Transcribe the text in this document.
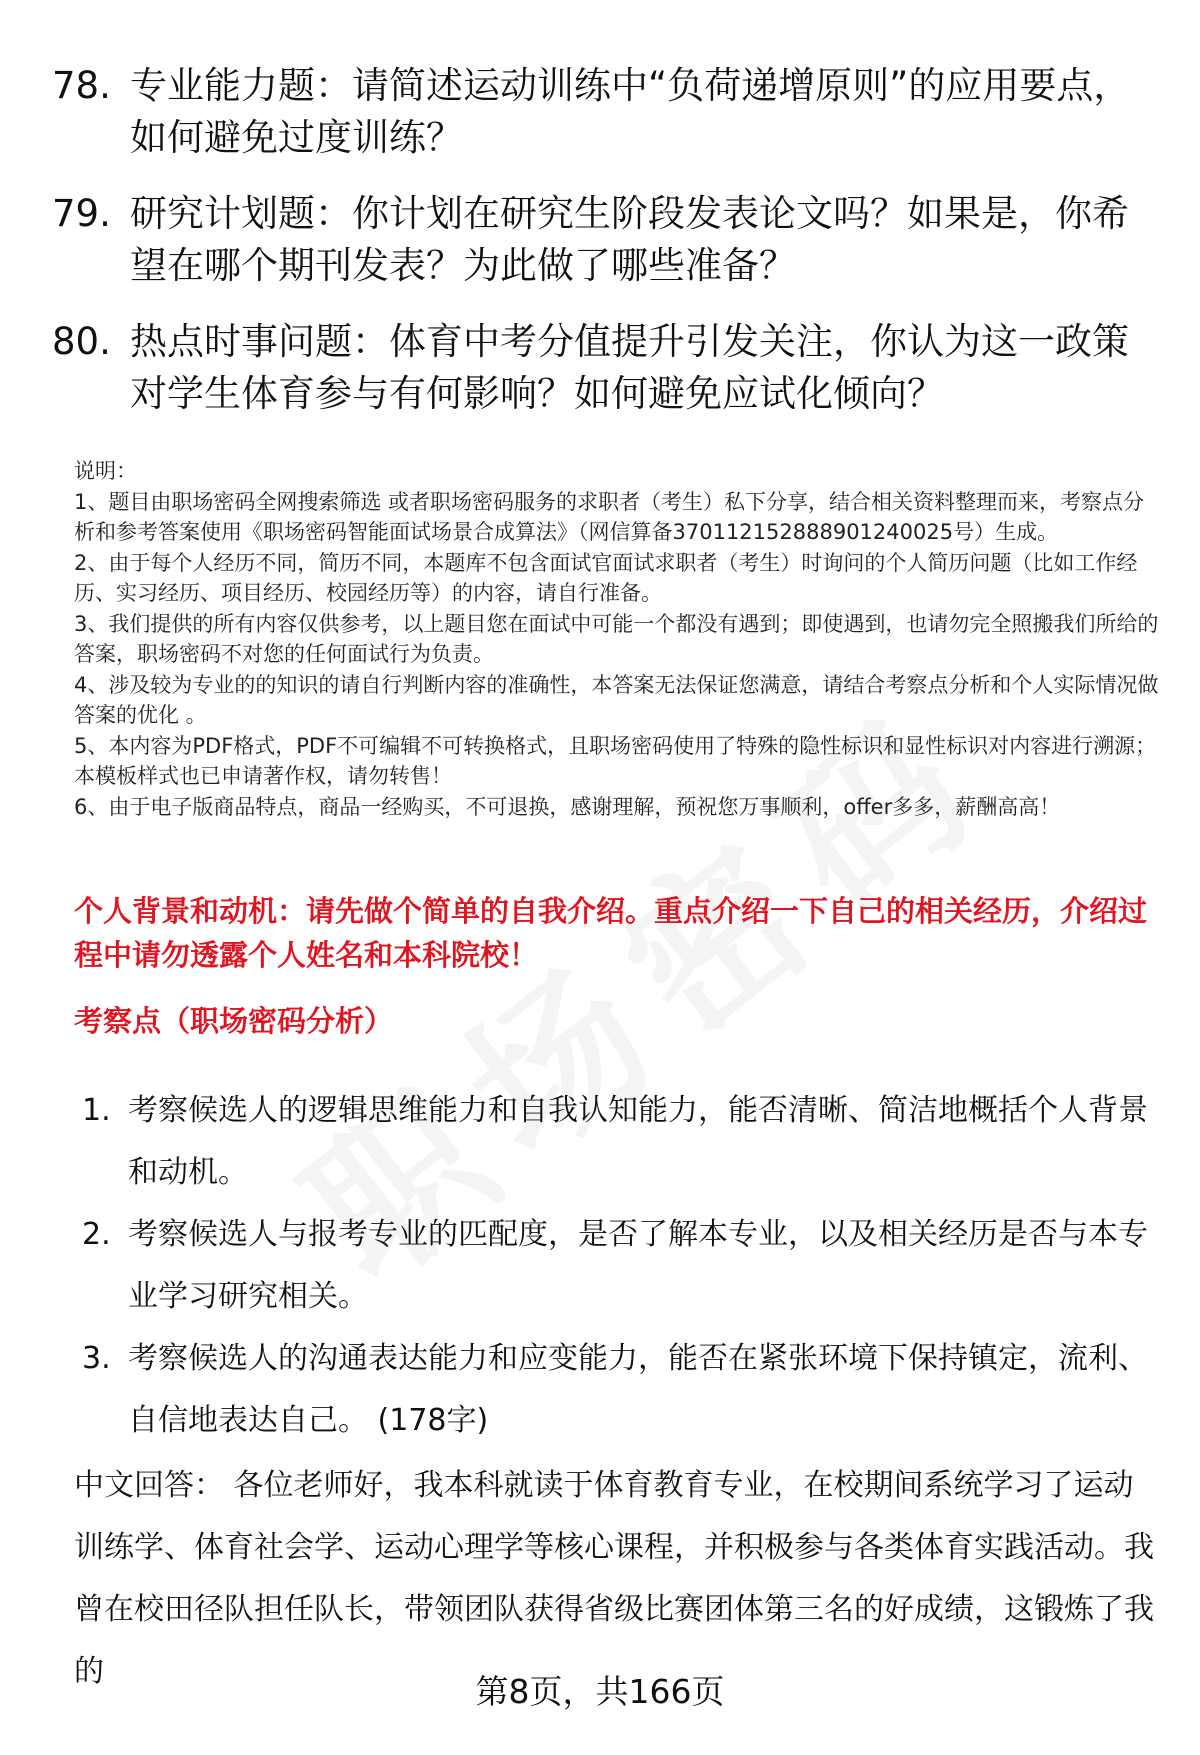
78. 专业能力题：请简述运动训练中“负荷递增原则”的应用要点，如何避免过度训练？
79. 研究计划题：你计划在研究生阶段发表论文吗？如果是，你希望在哪个期刊发表？为此做了哪些准备？
80. 热点时事问题：体育中考分值提升引发关注，你认为这一政策对学生体育参与有何影响？如何避免应试化倾向？

说明：

1、题目由职场密码全网搜索筛选 或者职场密码服务的求职者（考生）私下分享，结合相关资料整理而来，考察点分析和参考答案使用《职场密码智能面试场景合成算法》（网信算备370112152888901240025号）生成。

2、由于每个人经历不同，简历不同，本题库不包含面试官面试求职者（考生）时询问的个人简历问题（比如工作经历、实习经历、项目经历、校园经历等）的内容，请自行准备。

3、我们提供的所有内容仅供参考，以上题目您在面试中可能一个都没有遇到；即使遇到，也请勿完全照搬我们所给的答案，职场密码不对您的任何面试行为负责。

4、涉及较为专业的的知识的请自行判断内容的准确性，本答案无法保证您满意，请结合考察点分析和个人实际情况做答案的优化 。

5、本内容为PDF格式，PDF不可编辑不可转换格式，且职场密码使用了特殊的隐性标识和显性标识对内容进行溯源；本模板样式也已申请著作权，请勿转售！

6、由于电子版商品特点，商品一经购买，不可退换，感谢理解，预祝您万事顺利，offer多多，薪酬高高！

个人背景和动机：请先做个简单的自我介绍。重点介绍一下自己的相关经历，介绍过程中请勿透露个人姓名和本科院校！
考察点（职场密码分析）
1. 考察候选人的逻辑思维能力和自我认知能力，能否清晰、简洁地概括个人背景和动机。
2. 考察候选人与报考专业的匹配度，是否了解本专业，以及相关经历是否与本专业学习研究相关。
3. 考察候选人的沟通表达能力和应变能力，能否在紧张环境下保持镇定，流利、自信地表达自己。 (178字)
中文回答： 各位老师好，我本科就读于体育教育专业，在校期间系统学习了运动训练学、体育社会学、运动心理学等核心课程，并积极参与各类体育实践活动。我曾在校田径队担任队长，带领团队获得省级比赛团体第三名的好成绩，这锻炼了我的
第8页，共166页
